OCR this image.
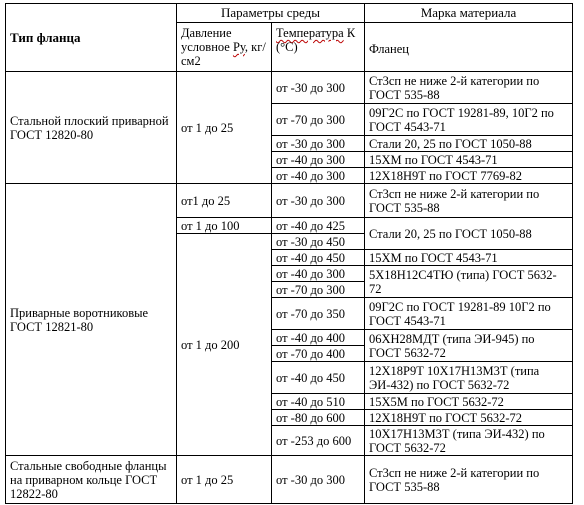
Тип фланца	Параметры среды		Марка материала
	Давление условное Ру, кг/см2	Температура К (°С)	Фланец
Стальной плоский приварной ГОСТ 12820-80	от 1 до 25	от -30 до 300	Ст3сп не ниже 2-й категории по ГОСТ 535-88
		от -70 до 300	09Г2С по ГОСТ 19281-89, 10Г2 по ГОСТ 4543-71
		от -30 до 300	Стали 20, 25 по ГОСТ 1050-88
		от -40 до 300	15ХМ по ГОСТ 4543-71
		от -40 до 300	12Х18Н9Т по ГОСТ 7769-82
Приварные воротниковые ГОСТ 12821-80	от1 до 25	от -30 до 300	Ст3сп не ниже 2-й категории по ГОСТ 535-88
	от 1 до 100	от -40 до 425	Стали 20, 25 по ГОСТ 1050-88
	от 1 до 200	от -30 до 450	
		от -40 до 450	15ХМ по ГОСТ 4543-71
		от -40 до 300	5Х18Н12С4ТЮ (типа) ГОСТ 5632-72
		от -70 до 300	
		от -70 до 350	09Г2С по ГОСТ 19281-89 10Г2 по ГОСТ 4543-71
		от -40 до 400	06ХН28МДТ (типа ЭИ-945) по ГОСТ 5632-72
		от -70 до 400	
		от -40 до 450	12Х18Р9Т 10Х17Н13М3Т (типа ЭИ-432) по ГОСТ 5632-72
		от -40 до 510	15Х5М по ГОСТ 5632-72
		от -80 до 600	12Х18Н9Т по ГОСТ 5632-72
		от -253 до 600	10Х17Н13М3Т (типа ЭИ-432) по ГОСТ 5632-72
Стальные свободные фланцы на приварном кольце ГОСТ 12822-80	от 1 до 25	от -30 до 300	Ст3сп не ниже 2-й категории по ГОСТ 535-88
